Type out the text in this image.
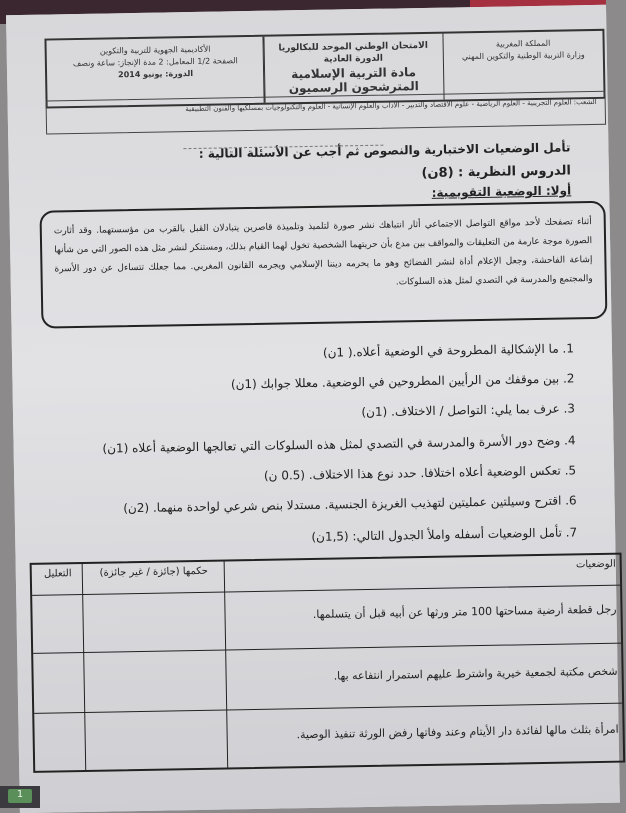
المملكة المغربية
وزارة التربية الوطنية والتكوين المهني
الامتحان الوطني الموحد للبكالوريا الدورة العادية
مادة التربية الإسلامية
المترشحون الرسميون
الأكاديمية الجهوية للتربية والتكوين
الصفحة 1/2 المعامل: 2 مدة الإنجاز: ساعة ونصف
الدورة: يونيو 2014
الشعب: العلوم التجريبية - العلوم الرياضية - علوم الاقتصاد والتدبير - الآداب والعلوم الإنسانية - العلوم والتكنولوجيات بمسلكيها والفنون التطبيقية
تأمل الوضعيات الاختبارية والنصوص ثم أجب عن الأسئلة التالية :
الدروس النظرية : (8ن)
أولا: الوضعية التقويمية:
أثناء تصفحك لأحد مواقع التواصل الاجتماعي أثار انتباهك نشر صورة لتلميذ وتلميذة قاصرين يتبادلان القبل بالقرب من مؤسستهما. وقد أثارت الصورة موجة عارمة من التعليقات والمواقف بين مدع بأن حريتهما الشخصية تخول لهما القيام بذلك، ومستنكر لنشر مثل هذه الصور التي من شأنها إشاعة الفاحشة، وجعل الإعلام أداة لنشر الفضائح وهو ما يحرمه ديننا الإسلامي ويجرمه القانون المغربي. مما جعلك تتساءل عن دور الأسرة والمجتمع والمدرسة في التصدي لمثل هذه السلوكات.
1. ما الإشكالية المطروحة في الوضعية أعلاه.( 1ن)
2. بين موقفك من الرأيين المطروحين في الوضعية. معللا جوابك (1ن)
3. عرف بما يلي: التواصل / الاختلاف. (1ن)
4. وضح دور الأسرة والمدرسة في التصدي لمثل هذه السلوكات التي تعالجها الوضعية أعلاه (1ن)
5. تعكس الوضعية أعلاه اختلافا. حدد نوع هذا الاختلاف. (0.5 ن)
6. اقترح وسيلتين عمليتين لتهذيب الغريزة الجنسية. مستدلا بنص شرعي لواحدة منهما. (2ن)
7. تأمل الوضعيات أسفله واملأ الجدول التالي: (1,5ن)
التعليل	حكمها (جائزة / غير جائزة)
الوضعيات
رجل قطعة أرضية مساحتها 100 متر ورثها عن أبيه قبل أن يتسلمها.
شخص مكتبة لجمعية خيرية واشترط عليهم استمرار انتفاعه بها.
امرأة بثلث مالها لفائدة دار الأيتام وعند وفاتها رفض الورثة تنفيذ الوصية.
1
